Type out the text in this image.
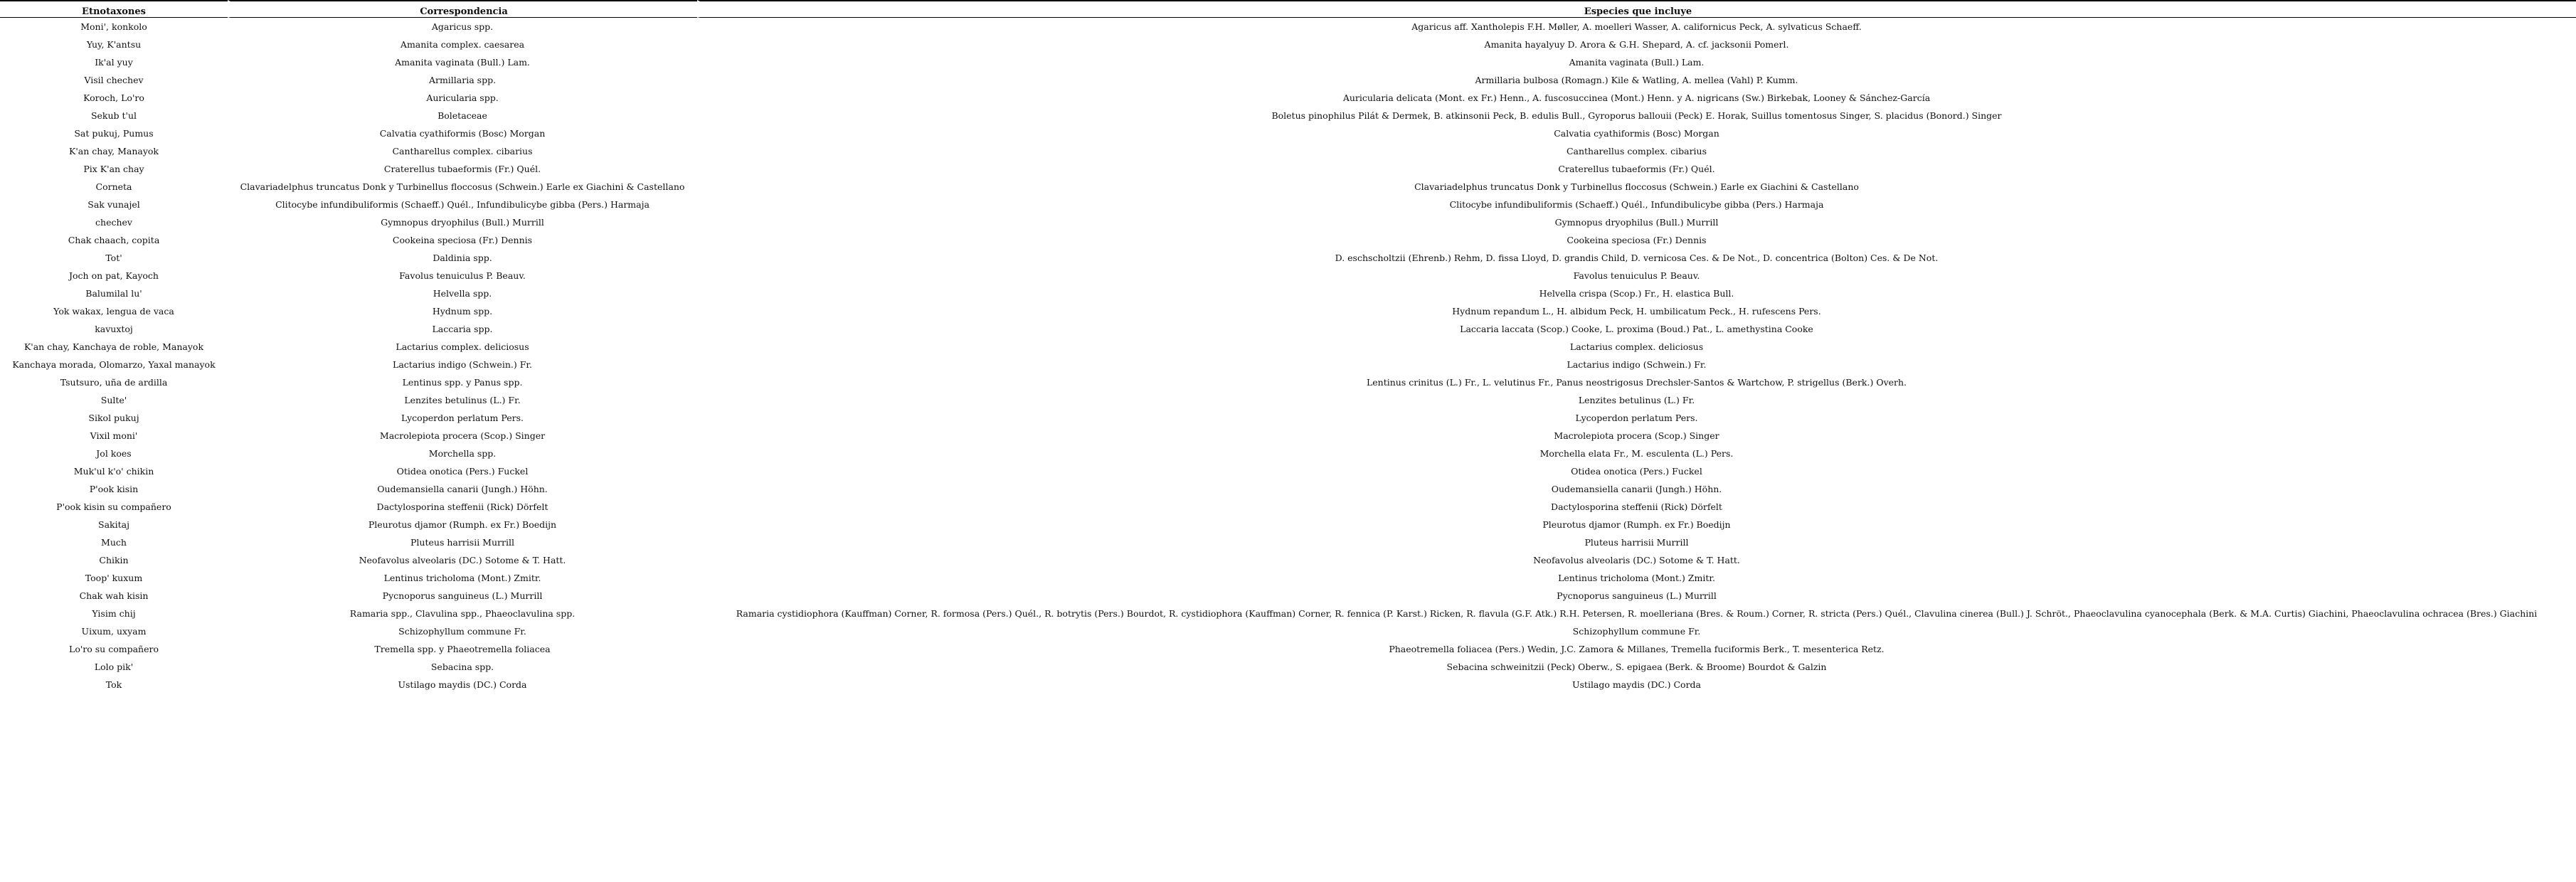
Etnotaxones	Correspondencia	Especies que incluye
Moni', konkolo	Agaricus spp.	Agaricus aff. Xantholepis F.H. Møller, A. moelleri Wasser, A. californicus Peck, A. sylvaticus Schaeff.
Yuy, K'antsu	Amanita complex. caesarea	Amanita hayalyuy D. Arora & G.H. Shepard, A. cf. jacksonii Pomerl.
Ik'al yuy	Amanita vaginata (Bull.) Lam.	Amanita vaginata (Bull.) Lam.
Visil chechev	Armillaria spp.	Armillaria bulbosa (Romagn.) Kile & Watling, A. mellea (Vahl) P. Kumm.
Koroch, Lo'ro	Auricularia spp.	Auricularia delicata (Mont. ex Fr.) Henn., A. fuscosuccinea (Mont.) Henn. y A. nigricans (Sw.) Birkebak, Looney & Sánchez-García
Sekub t'ul	Boletaceae	Boletus pinophilus Pilát & Dermek, B. atkinsonii Peck, B. edulis Bull., Gyroporus ballouii (Peck) E. Horak, Suillus tomentosus Singer, S. placidus (Bonord.) Singer
Sat pukuj, Pumus	Calvatia cyathiformis (Bosc) Morgan	Calvatia cyathiformis (Bosc) Morgan
K'an chay, Manayok	Cantharellus complex. cibarius	Cantharellus complex. cibarius
Pix K'an chay	Craterellus tubaeformis (Fr.) Quél.	Craterellus tubaeformis (Fr.) Quél.
Corneta	Clavariadelphus truncatus Donk y Turbinellus floccosus (Schwein.) Earle ex Giachini & Castellano	Clavariadelphus truncatus Donk y Turbinellus floccosus (Schwein.) Earle ex Giachini & Castellano
Sak vunajel	Clitocybe infundibuliformis (Schaeff.) Quél., Infundibulicybe gibba (Pers.) Harmaja	Clitocybe infundibuliformis (Schaeff.) Quél., Infundibulicybe gibba (Pers.) Harmaja
chechev	Gymnopus dryophilus (Bull.) Murrill	Gymnopus dryophilus (Bull.) Murrill
Chak chaach, copita	Cookeina speciosa (Fr.) Dennis	Cookeina speciosa (Fr.) Dennis
Tot'	Daldinia spp.	D. eschscholtzii (Ehrenb.) Rehm, D. fissa Lloyd, D. grandis Child, D. vernicosa Ces. & De Not., D. concentrica (Bolton) Ces. & De Not.
Joch on pat, Kayoch	Favolus tenuiculus P. Beauv.	Favolus tenuiculus P. Beauv.
Balumilal lu'	Helvella spp.	Helvella crispa (Scop.) Fr., H. elastica Bull.
Yok wakax, lengua de vaca	Hydnum spp.	Hydnum repandum L., H. albidum Peck, H. umbilicatum Peck., H. rufescens Pers.
kavuxtoj	Laccaria spp.	Laccaria laccata (Scop.) Cooke, L. proxima (Boud.) Pat., L. amethystina Cooke
K'an chay, Kanchaya de roble, Manayok	Lactarius complex. deliciosus	Lactarius complex. deliciosus
Kanchaya morada, Olomarzo, Yaxal manayok	Lactarius indigo (Schwein.) Fr.	Lactarius indigo (Schwein.) Fr.
Tsutsuro, uña de ardilla	Lentinus spp. y Panus spp.	Lentinus crinitus (L.) Fr., L. velutinus Fr., Panus neostrigosus Drechsler-Santos & Wartchow, P. strigellus (Berk.) Overh.
Sulte'	Lenzites betulinus (L.) Fr.	Lenzites betulinus (L.) Fr.
Sikol pukuj	Lycoperdon perlatum Pers.	Lycoperdon perlatum Pers.
Vixil moni'	Macrolepiota procera (Scop.) Singer	Macrolepiota procera (Scop.) Singer
Jol koes	Morchella spp.	Morchella elata Fr., M. esculenta (L.) Pers.
Muk'ul k'o' chikin	Otidea onotica (Pers.) Fuckel	Otidea onotica (Pers.) Fuckel
P'ook kisin	Oudemansiella canarii (Jungh.) Höhn.	Oudemansiella canarii (Jungh.) Höhn.
P'ook kisin su compañero	Dactylosporina steffenii (Rick) Dörfelt	Dactylosporina steffenii (Rick) Dörfelt
Sakitaj	Pleurotus djamor (Rumph. ex Fr.) Boedijn	Pleurotus djamor (Rumph. ex Fr.) Boedijn
Much	Pluteus harrisii Murrill	Pluteus harrisii Murrill
Chikin	Neofavolus alveolaris (DC.) Sotome & T. Hatt.	Neofavolus alveolaris (DC.) Sotome & T. Hatt.
Toop' kuxum	Lentinus tricholoma (Mont.) Zmitr.	Lentinus tricholoma (Mont.) Zmitr.
Chak wah kisin	Pycnoporus sanguineus (L.) Murrill	Pycnoporus sanguineus (L.) Murrill
Yisim chij	Ramaria spp., Clavulina spp., Phaeoclavulina spp.	Ramaria cystidiophora (Kauffman) Corner, R. formosa (Pers.) Quél., R. botrytis (Pers.) Bourdot, R. cystidiophora (Kauffman) Corner, R. fennica (P. Karst.) Ricken, R. flavula (G.F. Atk.) R.H. Petersen, R. moelleriana (Bres. & Roum.) Corner, R. stricta (Pers.) Quél., Clavulina cinerea (Bull.) J. Schröt., Phaeoclavulina cyanocephala (Berk. & M.A. Curtis) Giachini, Phaeoclavulina ochracea (Bres.) Giachini
Uixum, uxyam	Schizophyllum commune Fr.	Schizophyllum commune Fr.
Lo'ro su compañero	Tremella spp. y Phaeotremella foliacea	Phaeotremella foliacea (Pers.) Wedin, J.C. Zamora & Millanes, Tremella fuciformis Berk., T. mesenterica Retz.
Lolo pik'	Sebacina spp.	Sebacina schweinitzii (Peck) Oberw., S. epigaea (Berk. & Broome) Bourdot & Galzin
Tok	Ustilago maydis (DC.) Corda	Ustilago maydis (DC.) Corda
